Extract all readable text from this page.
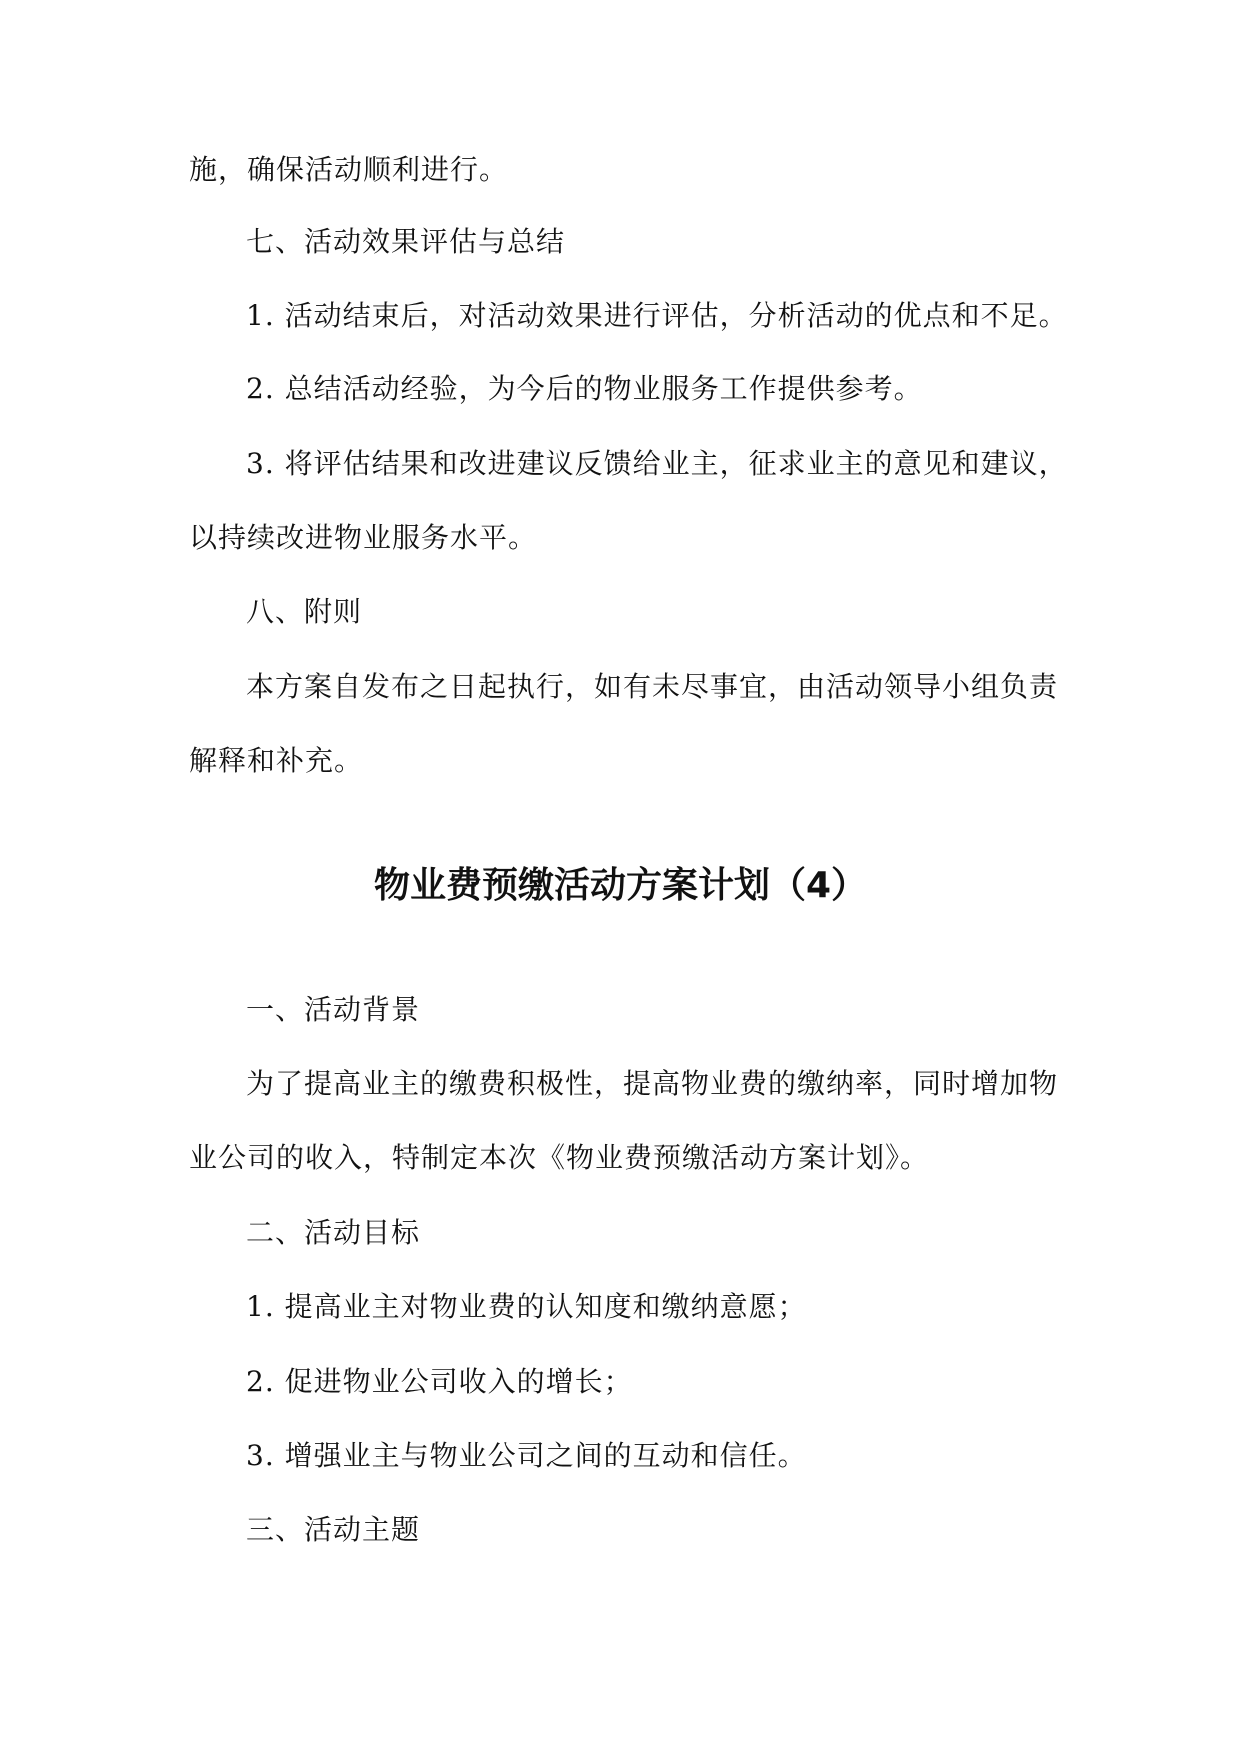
施，确保活动顺利进行。
七、活动效果评估与总结
1. 活动结束后，对活动效果进行评估，分析活动的优点和不足。
2. 总结活动经验，为今后的物业服务工作提供参考。
3. 将评估结果和改进建议反馈给业主，征求业主的意见和建议，
以持续改进物业服务水平。
八、附则
本方案自发布之日起执行，如有未尽事宜，由活动领导小组负责
解释和补充。
物业费预缴活动方案计划（4）
一、活动背景
为了提高业主的缴费积极性，提高物业费的缴纳率，同时增加物
业公司的收入，特制定本次《物业费预缴活动方案计划》。
二、活动目标
1. 提高业主对物业费的认知度和缴纳意愿；
2. 促进物业公司收入的增长；
3. 增强业主与物业公司之间的互动和信任。
三、活动主题
